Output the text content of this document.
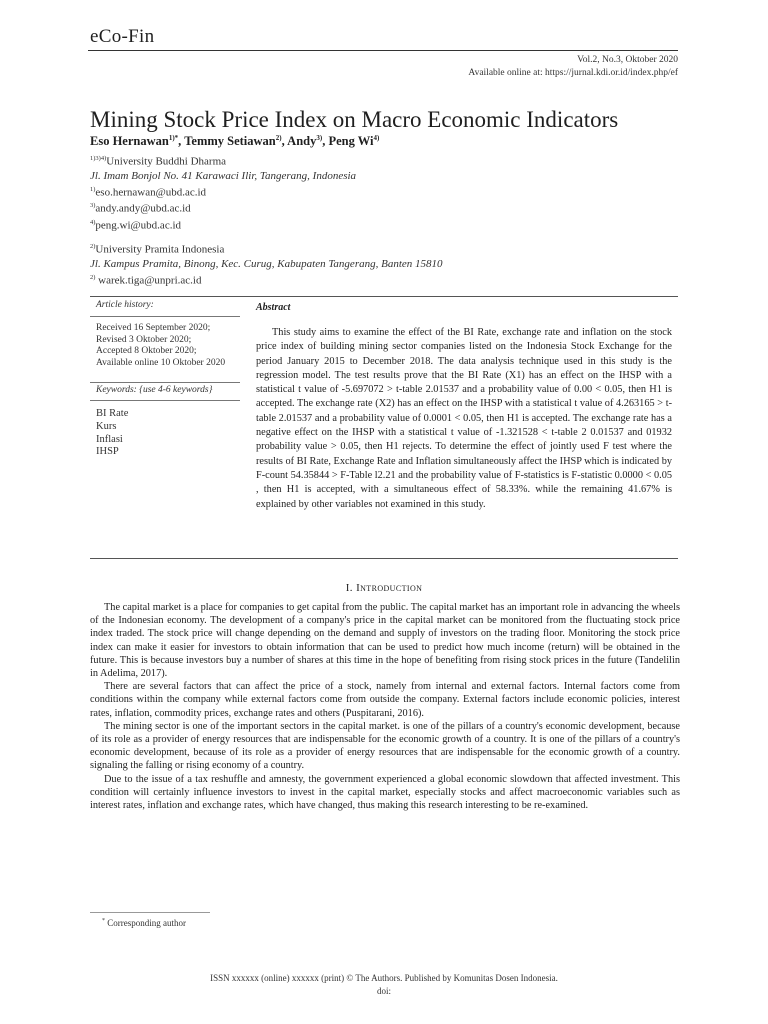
eCo-Fin
Vol.2, No.3, Oktober 2020
Available online at: https://jurnal.kdi.or.id/index.php/ef
Mining Stock Price Index on Macro Economic Indicators
Eso Hernawan$^{1)*}$, Temmy Setiawan$^{2)}$, Andy$^{3)}$, Peng Wi$^{4)}$
$^{1)3)4)}$University Buddhi Dharma
Jl. Imam Bonjol No. 41 Karawaci Ilir, Tangerang, Indonesia
$^{1)}$eso.hernawan@ubd.ac.id
$^{3)}$andy.andy@ubd.ac.id
$^{4)}$peng.wi@ubd.ac.id
$^{2)}$University Pramita Indonesia
Jl. Kampus Pramita, Binong, Kec. Curug, Kabupaten Tangerang, Banten 15810
$^{2)}$ warek.tiga@unpri.ac.id
Article history:
Received 16 September 2020;
Revised 3 Oktober 2020;
Accepted 8 Oktober 2020;
Available online 10 Oktober 2020
Keywords: {use 4-6 keywords}
BI Rate
Kurs
Inflasi
IHSP
Abstract

This study aims to examine the effect of the BI Rate, exchange rate and inflation on the stock price index of building mining sector companies listed on the Indonesia Stock Exchange for the period January 2015 to December 2018. The data analysis technique used in this study is the regression model. The test results prove that the BI Rate (X1) has an effect on the IHSP with a statistical t value of -5.697072 > t-table 2.01537 and a probability value of 0.00 < 0.05, then H1 is accepted. The exchange rate (X2) has an effect on the IHSP with a statistical t value of 4.263165 > t-table 2.01537 and a probability value of 0.0001 < 0.05, then H1 is accepted. The exchange rate has a negative effect on the IHSP with a statistical t value of -1.321528 < t-table 2 0.01537 and 01932 probability value > 0.05, then H1 rejects. To determine the effect of jointly used F test where the results of BI Rate, Exchange Rate and Inflation simultaneously affect the IHSP which is indicated by F-count 54.35844 > F-Table l2.21 and the probability value of F-statistics is F-statistic 0.0000 < 0.05 , then H1 is accepted, with a simultaneous effect of 58.33%. while the remaining 41.67% is explained by other variables not examined in this study.

I. Introduction

The capital market is a place for companies to get capital from the public. The capital market has an important role in advancing the wheels of the Indonesian economy. The development of a company's price in the capital market can be monitored from the fluctuating stock price index traded. The stock price will change depending on the demand and supply of investors on the trading floor. Monitoring the stock price index can make it easier for investors to obtain information that can be used to predict how much income (return) will be obtained in the future. This is because investors buy a number of shares at this time in the hope of benefiting from rising stock prices in the future (Tandelilin in Adelima, 2017).

There are several factors that can affect the price of a stock, namely from internal and external factors. Internal factors come from conditions within the company while external factors come from outside the company. External factors include economic policies, interest rates, inflation, commodity prices, exchange rates and others (Puspitarani, 2016).

The mining sector is one of the important sectors in the capital market. is one of the pillars of a country's economic development, because of its role as a provider of energy resources that are indispensable for the economic growth of a country. It is one of the pillars of a country's economic development, because of its role as a provider of energy resources that are indispensable for the economic growth of a country. signaling the falling or rising economy of a country.

Due to the issue of a tax reshuffle and amnesty, the government experienced a global economic slowdown that affected investment. This condition will certainly influence investors to invest in the capital market, especially stocks and affect macroeconomic variables such as interest rates, inflation and exchange rates, which have changed, thus making this research interesting to be re-examined.

* Corresponding author
ISSN xxxxxx (online) xxxxxx (print) © The Authors. Published by Komunitas Dosen Indonesia.
doi:
